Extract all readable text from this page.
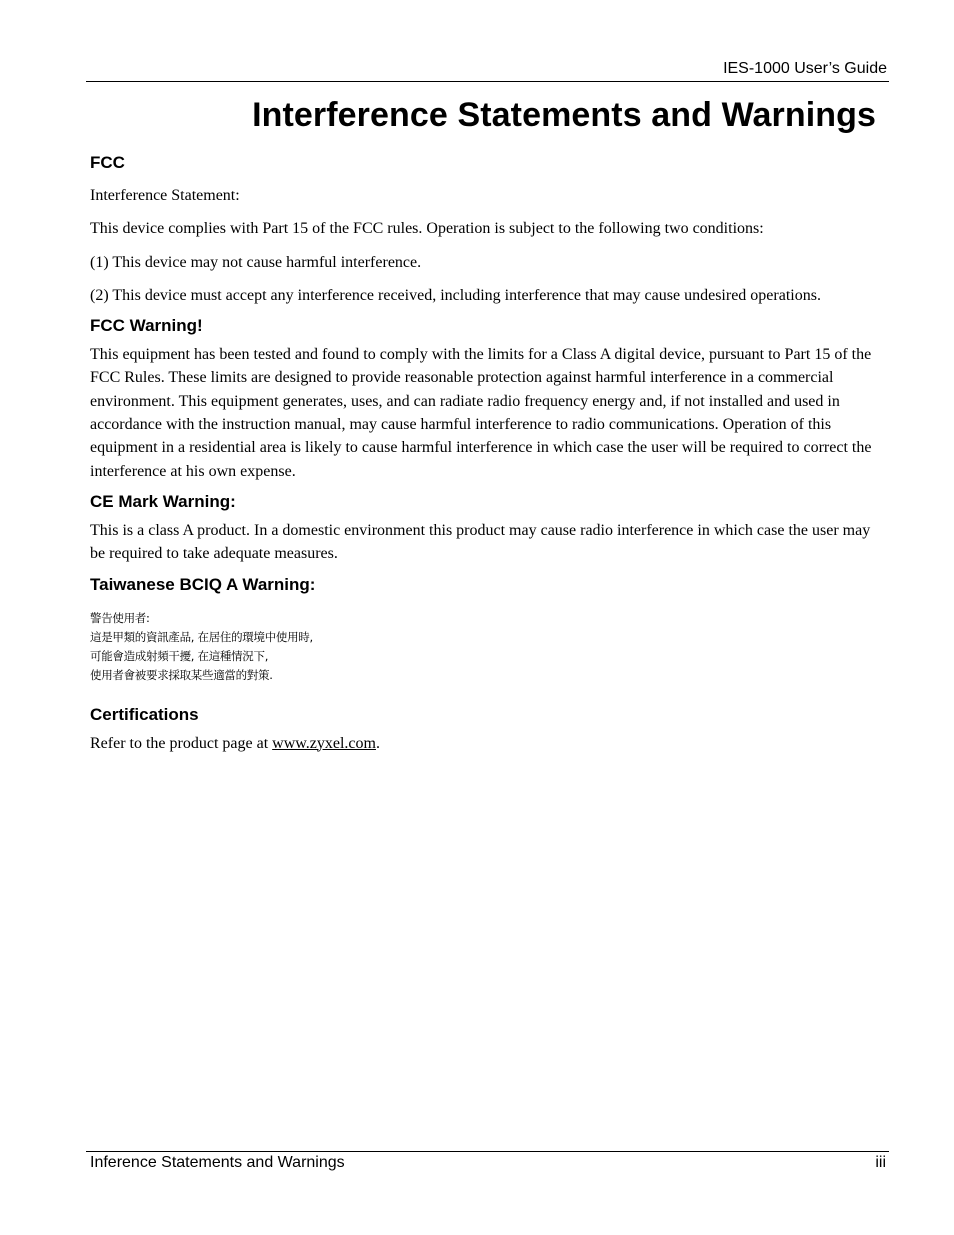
IES-1000 User’s Guide
Interference Statements and Warnings
FCC

Interference Statement:

This device complies with Part 15 of the FCC rules. Operation is subject to the following two conditions:

(1) This device may not cause harmful interference.

(2) This device must accept any interference received, including interference that may cause undesired operations.

FCC Warning!

This equipment has been tested and found to comply with the limits for a Class A digital device, pursuant to Part 15 of the FCC Rules. These limits are designed to provide reasonable protection against harmful interference in a commercial environment. This equipment generates, uses, and can radiate radio frequency energy and, if not installed and used in accordance with the instruction manual, may cause harmful interference to radio communications. Operation of this equipment in a residential area is likely to cause harmful interference in which case the user will be required to correct the interference at his own expense.

CE Mark Warning:

This is a class A product. In a domestic environment this product may cause radio interference in which case the user may be required to take adequate measures.

Taiwanese BCIQ A Warning:
警告使用者:
這是甲類的資訊產品, 在居住的環境中使用時,
可能會造成射頻干擾, 在這種情況下,
使用者會被要求採取某些適當的對策.
Certifications

Refer to the product page at www.zyxel.com.

Inference Statements and Warnings	iii
